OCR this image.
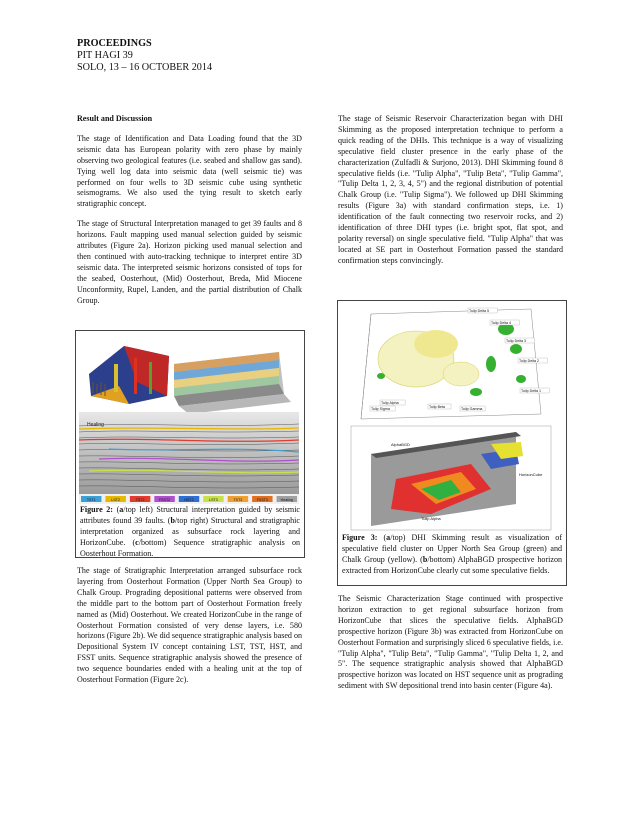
PROCEEDINGS
PIT HAGI 39
SOLO, 13 – 16 OCTOBER 2014
Result and Discussion

The stage of Identification and Data Loading found that the 3D seismic data has European polarity with zero phase by mainly observing two geological features (i.e. seabed and shallow gas sand). Tying well log data into seismic data (well seismic tie) was performed on four wells to 3D seismic cube using synthetic seismograms. We also used the tying result to sketch early stratigraphic concept.

The stage of Structural Interpretation managed to get 39 faults and 8 horizons. Fault mapping used manual selection guided by seismic attributes (Figure 2a). Horizon picking used manual selection and then continued with auto-tracking technique to interpret entire 3D seismic data. The interpreted seismic horizons consisted of tops for the seabed, Oosterhout, (Mid) Oosterhout, Breda, Mid Miocene Unconformity, Rupel, Landen, and the partial distribution of Chalk Group.

Healing
TST1	LST2	TST2	FSST2	HST2	LST3	TST3	FSST3	Healing
Figure 2: (a/top left) Structural interpretation guided by seismic attributes found 39 faults. (b/top right) Structural and stratigraphic interpretation organized as subsurface rock layering and HorizonCube. (c/bottom) Sequence stratigraphic analysis on Oosterhout Formation.

The stage of Stratigraphic Interpretation arranged subsurface rock layering from Oosterhout Formation (Upper North Sea Group) to Chalk Group. Prograding depositional patterns were observed from the middle part to the bottom part of Oosterhout Formation freely named as (Mid) Oosterhout. We created HorizonCube in the range of Oosterhout Formation consisted of very dense layers, i.e. 580 horizons (Figure 2b). We did sequence stratigraphic analysis based on Depositional System IV concept containing LST, TST, HST, and FSST units. Sequence stratigraphic analysis showed the presence of two sequence boundaries ended with a healing unit at the top of Oosterhout Formation (Figure 2c).

The stage of Seismic Reservoir Characterization began with DHI Skimming as the proposed interpretation technique to perform a quick reading of the DHIs. This technique is a way of visualizing speculative field cluster presence in the early phase of the characterization (Zulfadli & Surjono, 2013). DHI Skimming found 8 speculative fields (i.e. "Tulip Alpha", "Tulip Beta", "Tulip Gamma", "Tulip Delta 1, 2, 3, 4, 5") and the regional distribution of potential Chalk Group (i.e. "Tulip Sigma"). We followed up DHI Skimming results (Figure 3a) with standard confirmation steps, i.e. 1) identification of the fault connecting two reservoir rocks, and 2) identification of three DHI types (i.e. bright spot, flat spot, and polarity reversal) on single speculative field. "Tulip Alpha" that was located at SE part in Oosterhout Formation passed the standard confirmation steps convincingly.

Tulip Sigma
Tulip Delta 5
Tulip Delta 4
Tulip Delta 3
Tulip Delta 2
Tulip Delta 1
Tulip Alpha
Tulip Beta	Tulip Gamma
AlphaBGD
HorizonCube
Tulip Alpha
Figure 3: (a/top) DHI Skimming result as visualization of speculative field cluster on Upper North Sea Group (green) and Chalk Group (yellow). (b/bottom) AlphaBGD prospective horizon extracted from HorizonCube clearly cut some speculative fields.

The Seismic Characterization Stage continued with prospective horizon extraction to get regional subsurface horizon from HorizonCube that slices the speculative fields. AlphaBGD prospective horizon (Figure 3b) was extracted from HorizonCube on Oosterhout Formation and surprisingly sliced 6 speculative fields, i.e. "Tulip Alpha", "Tulip Beta", "Tulip Gamma", "Tulip Delta 1, 2, and 5". The sequence stratigraphic analysis showed that AlphaBGD prospective horizon was located on HST sequence unit as prograding sediment with SW depositional trend into basin center (Figure 4a).
